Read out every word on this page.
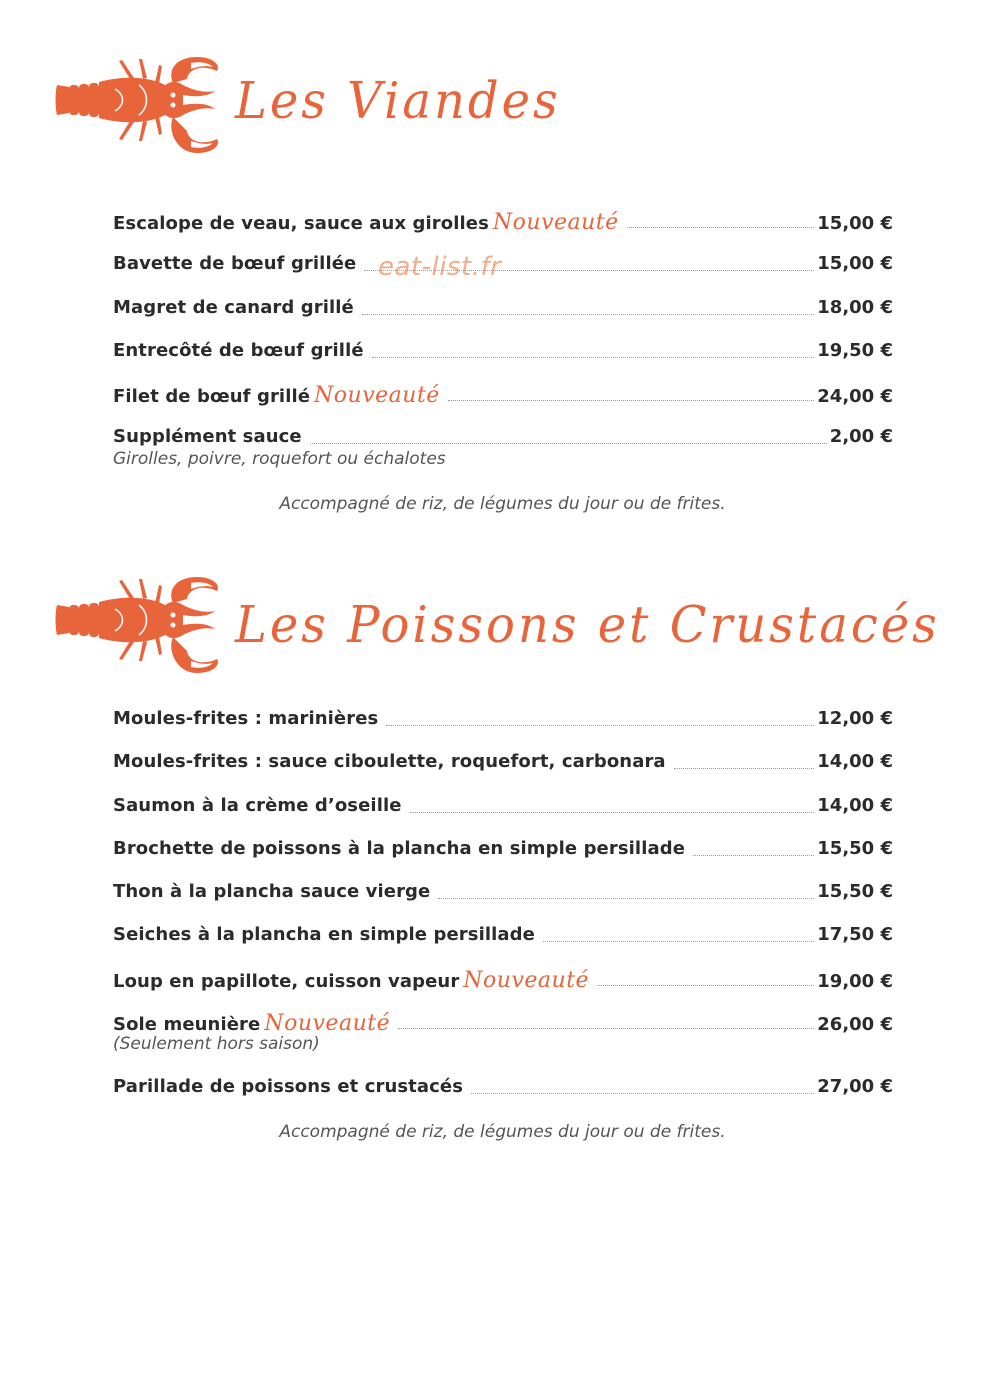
Les Viandes
eat-list.fr
Escalope de veau, sauce aux girolles Nouveauté	15,00 €
Bavette de bœuf grillée	15,00 €
Magret de canard grillé	18,00 €
Entrecôté de bœuf grillé	19,50 €
Filet de bœuf grillé Nouveauté	24,00 €
Supplément sauce	2,00 €
Girolles, poivre, roquefort ou échalotes
Accompagné de riz, de légumes du jour ou de frites.
Les Poissons et Crustacés
Moules-frites : marinières	12,00 €
Moules-frites : sauce ciboulette, roquefort, carbonara	14,00 €
Saumon à la crème d’oseille	14,00 €
Brochette de poissons à la plancha en simple persillade	15,50 €
Thon à la plancha sauce vierge	15,50 €
Seiches à la plancha en simple persillade	17,50 €
Loup en papillote, cuisson vapeur Nouveauté	19,00 €
Sole meunière Nouveauté	26,00 €
(Seulement hors saison)
Parillade de poissons et crustacés	27,00 €
Accompagné de riz, de légumes du jour ou de frites.
